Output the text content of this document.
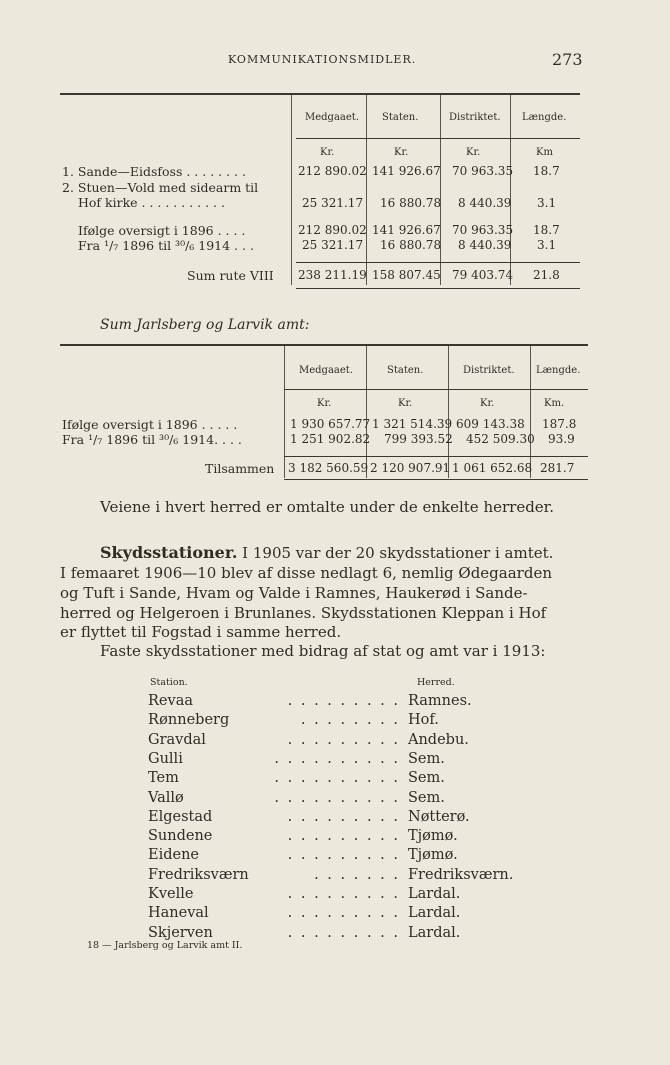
KOMMUNIKATIONSMIDLER.	273
Medgaaet. Staten.	Distriktet. Længde.
Kr.	Kr.	Kr.	Km
1. Sande—Eidsfoss . . . . . . . .	212 890.02 141 926.67 70 963.35 18.7
2. Stuen—Vold med sidearm til
Hof kirke . . . . . . . . . . .	25 321.17 16 880.78 8 440.39 3.1
Ifølge oversigt i 1896 . . . .	212 890.02 141 926.67 70 963.35 18.7
Fra ¹/₇ 1896 til ³⁰/₆ 1914 . . .	25 321.17 16 880.78 8 440.39 3.1
Sum rute VIII 238 211.19 158 807.45 79 403.74 21.8
Sum Jarlsberg og Larvik amt:
Medgaaet.	Staten.	Distriktet. Længde.
Kr.	Kr.	Kr.	Km.
Ifølge oversigt i 1896 . . . . .	1 930 657.77 1 321 514.39 609 143.38 187.8
Fra ¹/₇ 1896 til ³⁰/₆ 1914. . . .	1 251 902.82 799 393.52 452 509.30 93.9
Tilsammen 3 182 560.59 2 120 907.91 1 061 652.68 281.7
Veiene i hvert herred er omtalte under de enkelte herreder.
Skydsstationer. I 1905 var der 20 skydsstationer i amtet.
I femaaret 1906—10 blev af disse nedlagt 6, nemlig Ødegaarden
og Tuft i Sande, Hvam og Valde i Ramnes, Haukerød i Sande-
herred og Helgeroen i Brunlanes. Skydsstationen Kleppan i Hof
er flyttet til Fogstad i samme herred.
Faste skydsstationer med bidrag af stat og amt var i 1913:
Station.	Herred.
Revaa	. . . . . . . . . Ramnes.
Rønneberg	. . . . . . . . Hof.
Gravdal	. . . . . . . . . Andebu.
Gulli	. . . . . . . . . . Sem.
Tem	. . . . . . . . . . Sem.
Vallø	. . . . . . . . . . Sem.
Elgestad	. . . . . . . . . Nøtterø.
Sundene	. . . . . . . . . Tjømø.
Eidene	. . . . . . . . . Tjømø.
Fredriksværn	. . . . . . . Fredriksværn.
Kvelle	. . . . . . . . . Lardal.
Haneval	. . . . . . . . . Lardal.
Skjerven	. . . . . . . . . Lardal.
18 — Jarlsberg og Larvik amt II.
